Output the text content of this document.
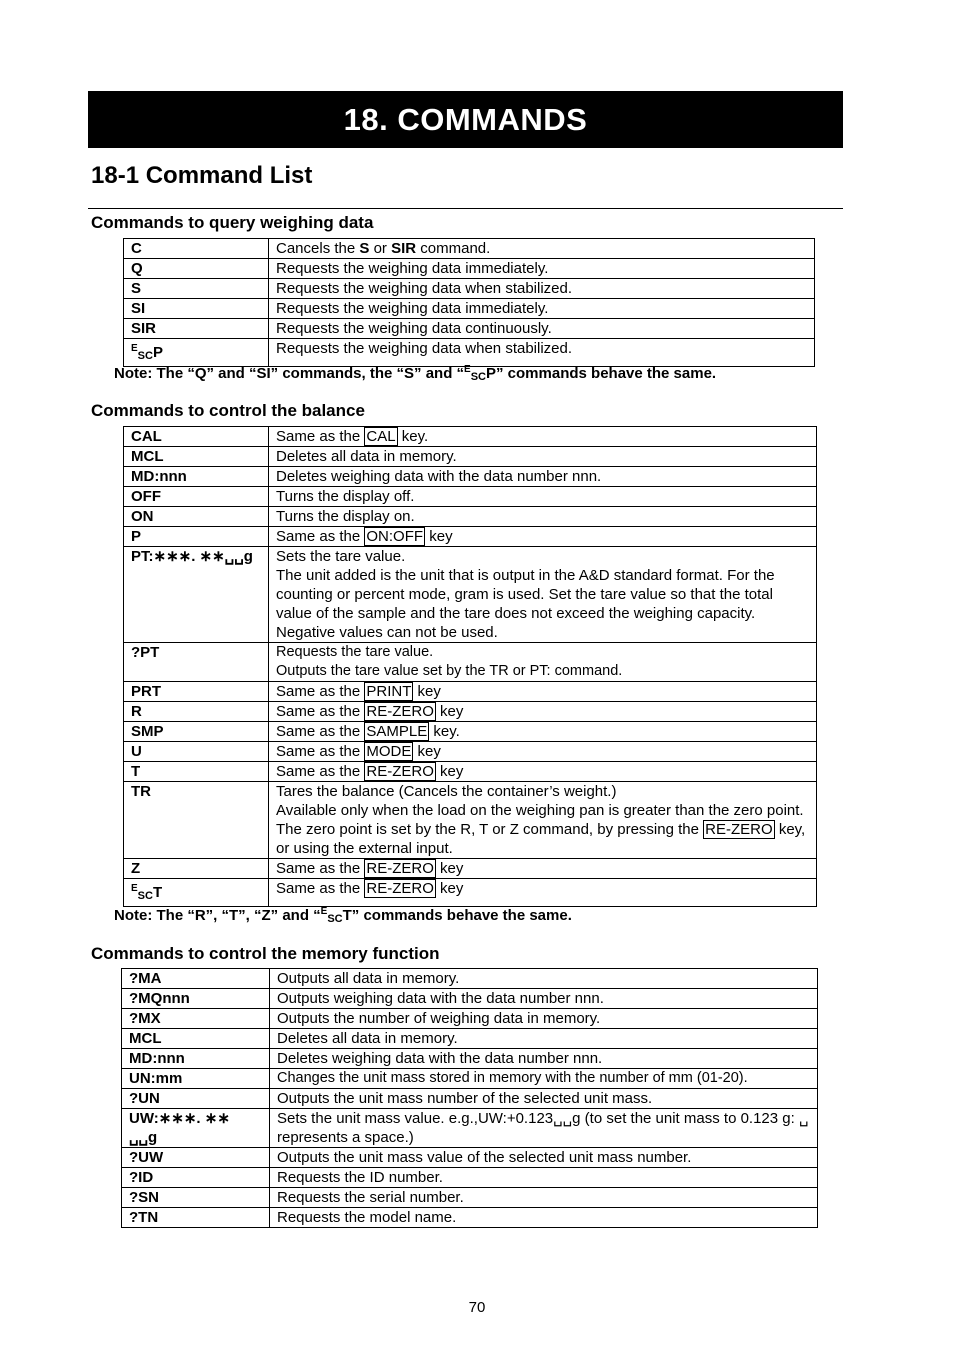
18. COMMANDS
18-1 Command List
Commands to query weighing data
C	Cancels the S or SIR command.
Q	Requests the weighing data immediately.
S	Requests the weighing data when stabilized.
SI	Requests the weighing data immediately.
SIR	Requests the weighing data continuously.
$^E$SCP	Requests the weighing data when stabilized.
Note: The “Q” and “SI” commands, the “S” and “$^E$SCP” commands behave the same.
Commands to control the balance
CAL	Same as the CAL key.
MCL	Deletes all data in memory.
MD:nnn	Deletes weighing data with the data number nnn.
OFF	Turns the display off.
ON	Turns the display on.
P	Same as the ON:OFF key
PT:∗∗∗. ∗∗␣␣g	Sets the tare value.
The unit added is the unit that is output in the A&D standard format. For the counting or percent mode, gram is used. Set the tare value so that the total value of the sample and the tare does not exceed the weighing capacity. Negative values can not be used.

?PT	Requests the tare value.
Outputs the tare value set by the TR or PT: command.

PRT	Same as the PRINT key
R	Same as the RE-ZERO key
SMP	Same as the SAMPLE key.
U	Same as the MODE key
T	Same as the RE-ZERO key
TR	Tares the balance (Cancels the container’s weight.)
Available only when the load on the weighing pan is greater than the zero point. The zero point is set by the R, T or Z command, by pressing the RE-ZERO key, or using the external input.

Z	Same as the RE-ZERO key
$^E$SCT	Same as the RE-ZERO key
Note: The “R”, “T”, “Z” and “$^E$SCT” commands behave the same.
Commands to control the memory function
?MA	Outputs all data in memory.
?MQnnn	Outputs weighing data with the data number nnn.
?MX	Outputs the number of weighing data in memory.
MCL	Deletes all data in memory.
MD:nnn	Deletes weighing data with the data number nnn.
UN:mm	Changes the unit mass stored in memory with the number of mm (01-20).
?UN	Outputs the unit mass number of the selected unit mass.
UW:∗∗∗. ∗∗ ␣␣g	Sets the unit mass value. e.g.,UW:+0.123␣␣g (to set the unit mass to 0.123 g: ␣ represents a space.)
?UW	Outputs the unit mass value of the selected unit mass number.
?ID	Requests the ID number.
?SN	Requests the serial number.
?TN	Requests the model name.
70
